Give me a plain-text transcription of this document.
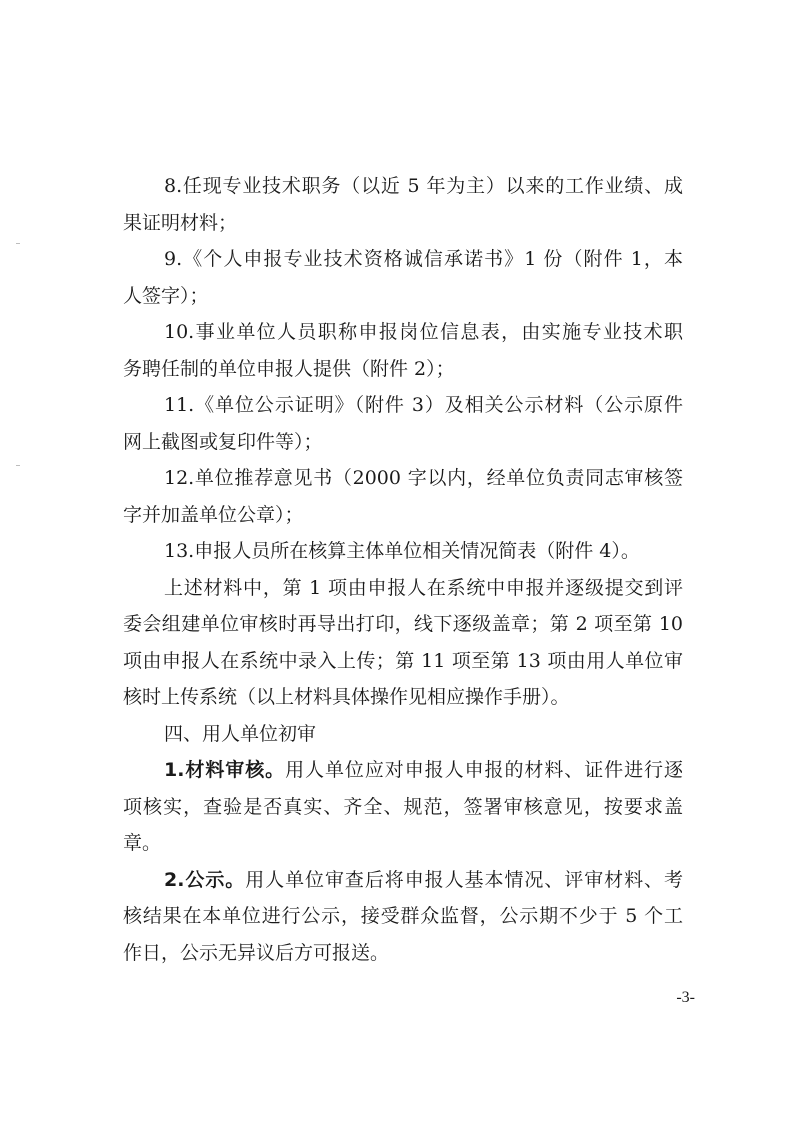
8.任现专业技术职务（以近 5 年为主）以来的工作业绩、成
果证明材料；
9.《个人申报专业技术资格诚信承诺书》1 份（附件 1，本
人签字）；
10.事业单位人员职称申报岗位信息表，由实施专业技术职
务聘任制的单位申报人提供（附件 2）；
11.《单位公示证明》（附件 3）及相关公示材料（公示原件
网上截图或复印件等）；
12.单位推荐意见书（2000 字以内，经单位负责同志审核签
字并加盖单位公章）；
13.申报人员所在核算主体单位相关情况简表（附件 4）。
上述材料中，第 1 项由申报人在系统中申报并逐级提交到评
委会组建单位审核时再导出打印，线下逐级盖章；第 2 项至第 10
项由申报人在系统中录入上传；第 11 项至第 13 项由用人单位审
核时上传系统（以上材料具体操作见相应操作手册）。
四、用人单位初审
1.材料审核。用人单位应对申报人申报的材料、证件进行逐
项核实，查验是否真实、齐全、规范，签署审核意见，按要求盖
章。
2.公示。用人单位审查后将申报人基本情况、评审材料、考
核结果在本单位进行公示，接受群众监督，公示期不少于 5 个工
作日，公示无异议后方可报送。
-3-
